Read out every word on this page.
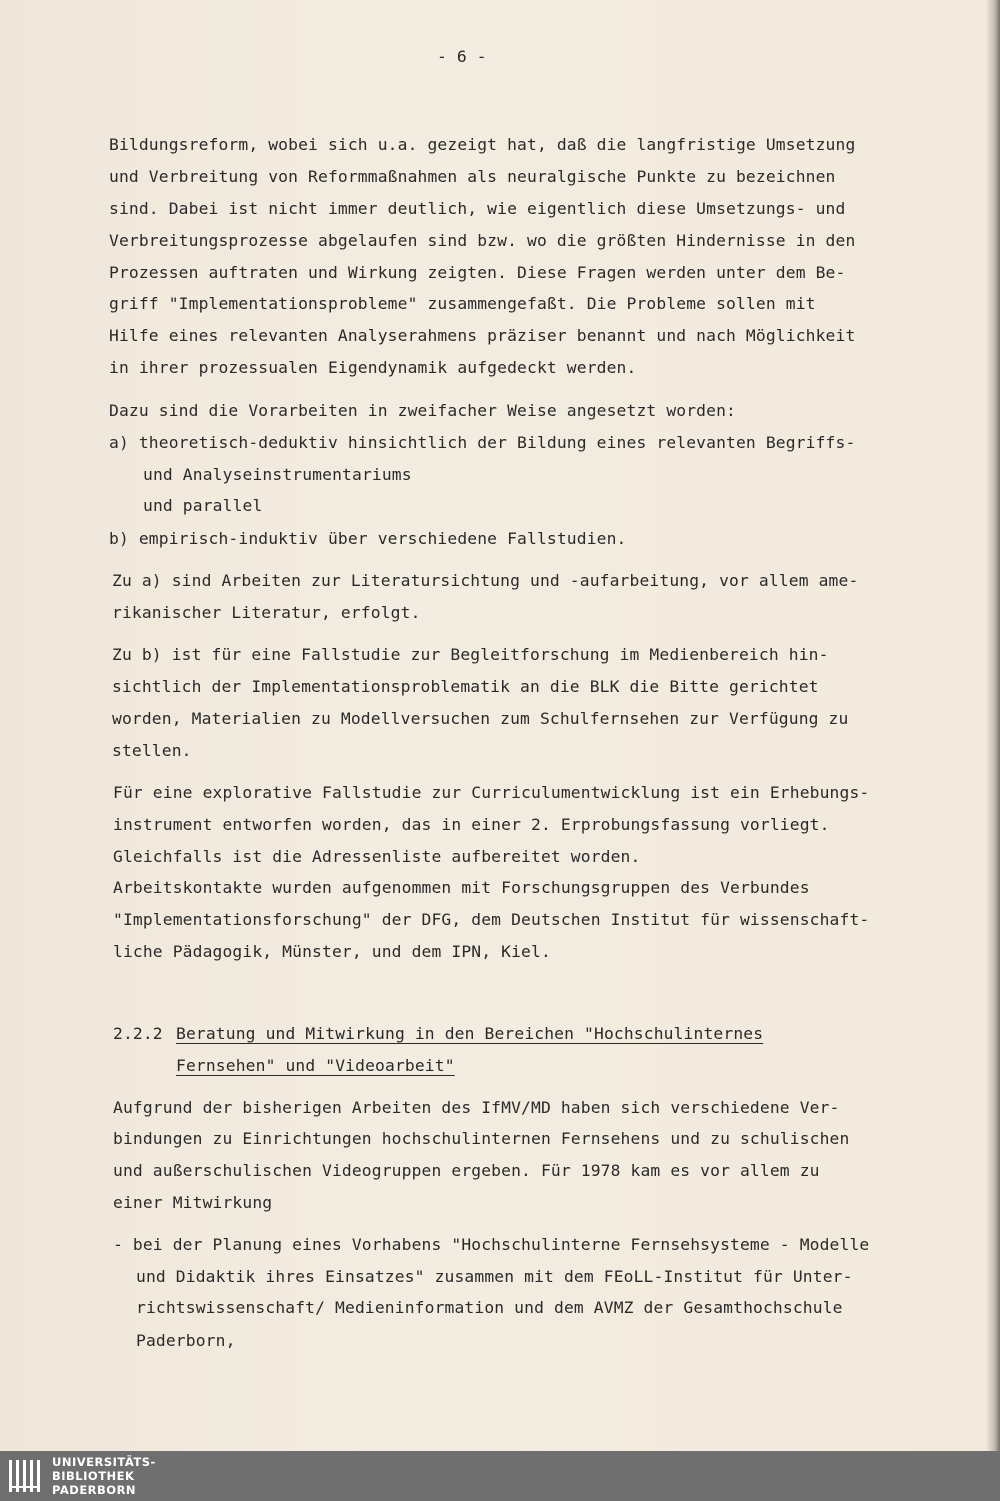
- 6 -
Bildungsreform, wobei sich u.a. gezeigt hat, daß die langfristige Umsetzung
und Verbreitung von Reformmaßnahmen als neuralgische Punkte zu bezeichnen
sind. Dabei ist nicht immer deutlich, wie eigentlich diese Umsetzungs- und
Verbreitungsprozesse abgelaufen sind bzw. wo die größten Hindernisse in den
Prozessen auftraten und Wirkung zeigten. Diese Fragen werden unter dem Be-
griff "Implementationsprobleme" zusammengefaßt. Die Probleme sollen mit
Hilfe eines relevanten Analyserahmens präziser benannt und nach Möglichkeit
in ihrer prozessualen Eigendynamik aufgedeckt werden.
Dazu sind die Vorarbeiten in zweifacher Weise angesetzt worden:
a) theoretisch-deduktiv hinsichtlich der Bildung eines relevanten Begriffs-
und Analyseinstrumentariums
und parallel
b) empirisch-induktiv über verschiedene Fallstudien.
Zu a) sind Arbeiten zur Literatursichtung und -aufarbeitung, vor allem ame-
rikanischer Literatur, erfolgt.
Zu b) ist für eine Fallstudie zur Begleitforschung im Medienbereich hin-
sichtlich der Implementationsproblematik an die BLK die Bitte gerichtet
worden, Materialien zu Modellversuchen zum Schulfernsehen zur Verfügung zu
stellen.
Für eine explorative Fallstudie zur Curriculumentwicklung ist ein Erhebungs-
instrument entworfen worden, das in einer 2. Erprobungsfassung vorliegt.
Gleichfalls ist die Adressenliste aufbereitet worden.
Arbeitskontakte wurden aufgenommen mit Forschungsgruppen des Verbundes
"Implementationsforschung" der DFG, dem Deutschen Institut für wissenschaft-
liche Pädagogik, Münster, und dem IPN, Kiel.
2.2.2 Beratung und Mitwirkung in den Bereichen "Hochschulinternes
Fernsehen" und "Videoarbeit"
Aufgrund der bisherigen Arbeiten des IfMV/MD haben sich verschiedene Ver-
bindungen zu Einrichtungen hochschulinternen Fernsehens und zu schulischen
und außerschulischen Videogruppen ergeben. Für 1978 kam es vor allem zu
einer Mitwirkung
- bei der Planung eines Vorhabens "Hochschulinterne Fernsehsysteme - Modelle
und Didaktik ihres Einsatzes" zusammen mit dem FEoLL-Institut für Unter-
richtswissenschaft/ Medieninformation und dem AVMZ der Gesamthochschule
Paderborn,
UNIVERSITÄTS-
BIBLIOTHEK
PADERBORN
